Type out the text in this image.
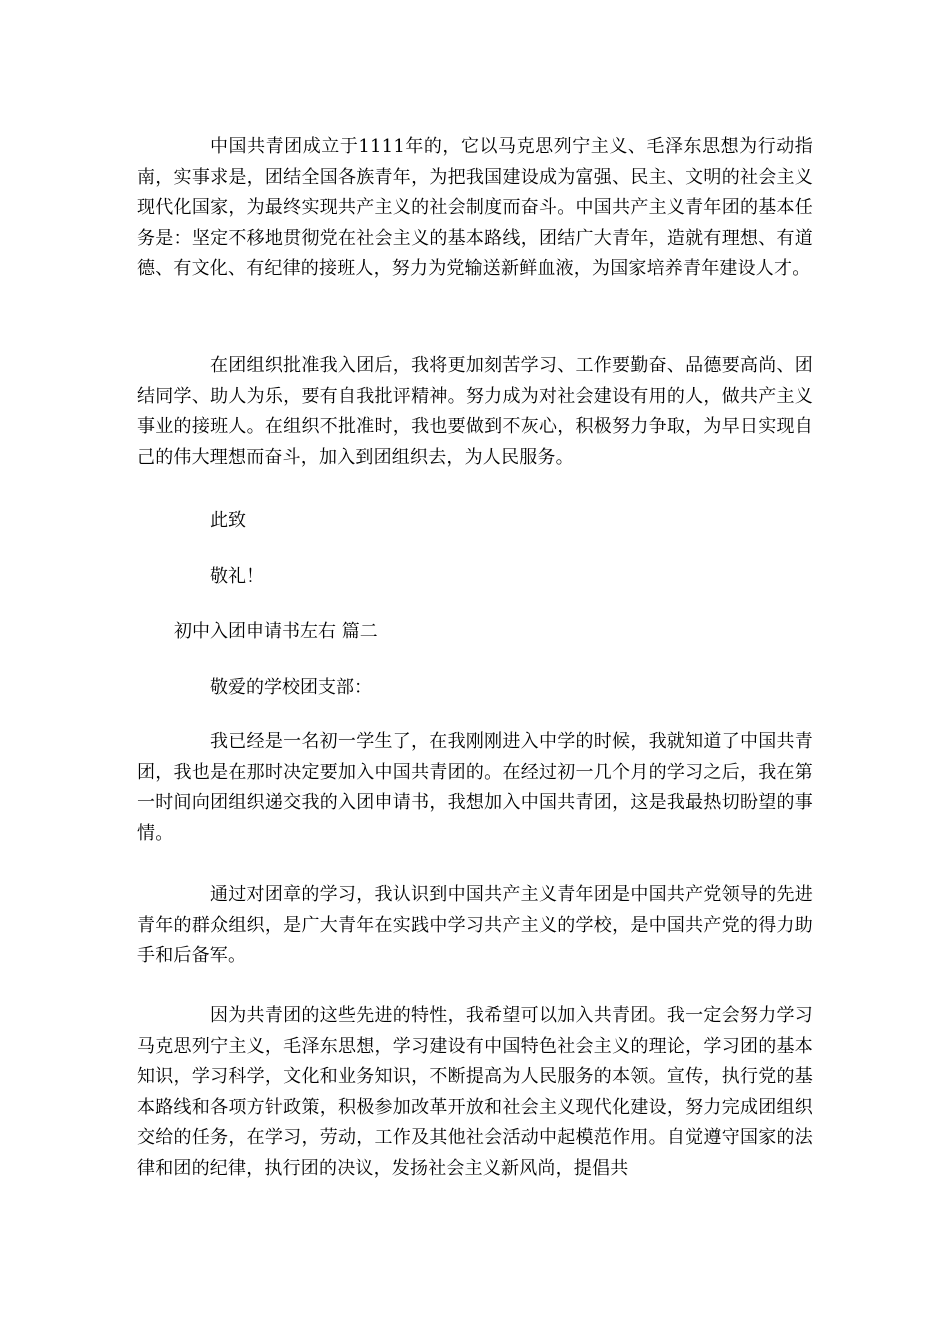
中国共青团成立于1111年的，它以马克思列宁主义、毛泽东思想为行动指南，实事求是，团结全国各族青年，为把我国建设成为富强、民主、文明的社会主义现代化国家，为最终实现共产主义的社会制度而奋斗。中国共产主义青年团的基本任务是：坚定不移地贯彻党在社会主义的基本路线，团结广大青年，造就有理想、有道德、有文化、有纪律的接班人，努力为党输送新鲜血液，为国家培养青年建设人才。

在团组织批准我入团后，我将更加刻苦学习、工作要勤奋、品德要高尚、团结同学、助人为乐，要有自我批评精神。努力成为对社会建设有用的人，做共产主义事业的接班人。在组织不批准时，我也要做到不灰心，积极努力争取，为早日实现自己的伟大理想而奋斗，加入到团组织去，为人民服务。

此致

敬礼！

初中入团申请书左右 篇二

敬爱的学校团支部：

我已经是一名初一学生了，在我刚刚进入中学的时候，我就知道了中国共青团，我也是在那时决定要加入中国共青团的。在经过初一几个月的学习之后，我在第一时间向团组织递交我的入团申请书，我想加入中国共青团，这是我最热切盼望的事情。

通过对团章的学习，我认识到中国共产主义青年团是中国共产党领导的先进青年的群众组织，是广大青年在实践中学习共产主义的学校，是中国共产党的得力助手和后备军。

因为共青团的这些先进的特性，我希望可以加入共青团。我一定会努力学习马克思列宁主义，毛泽东思想，学习建设有中国特色社会主义的理论，学习团的基本知识，学习科学，文化和业务知识，不断提高为人民服务的本领。宣传，执行党的基本路线和各项方针政策，积极参加改革开放和社会主义现代化建设，努力完成团组织交给的任务，在学习，劳动，工作及其他社会活动中起模范作用。自觉遵守国家的法律和团的纪律，执行团的决议，发扬社会主义新风尚，提倡共
